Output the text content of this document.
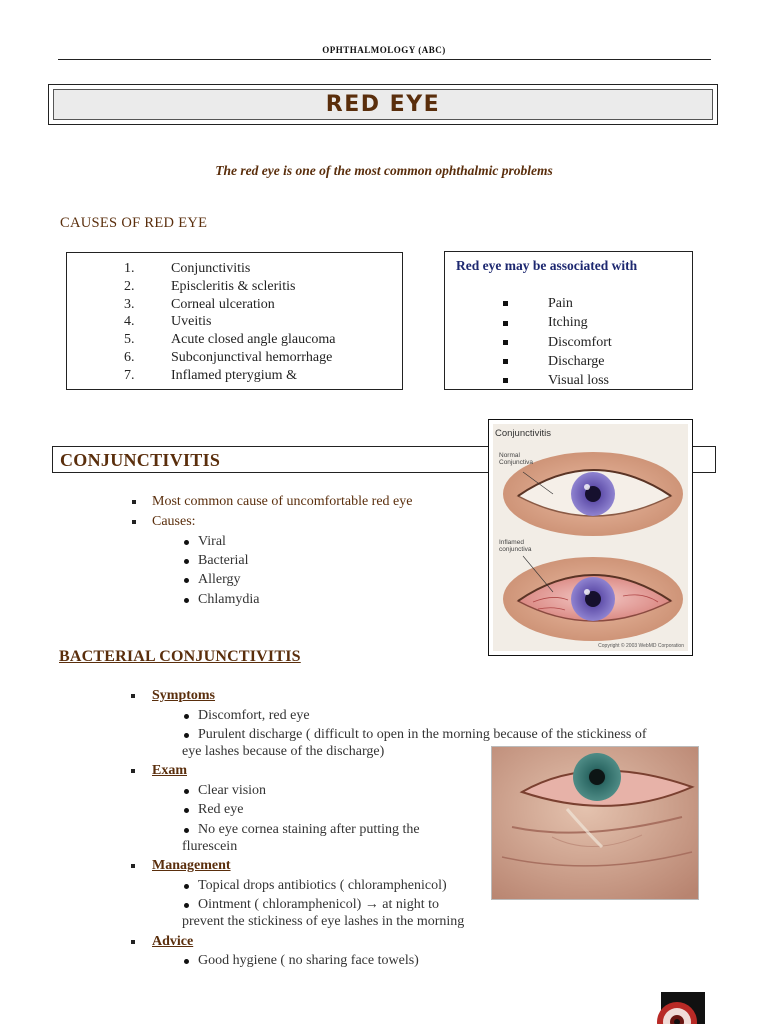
OPHTHALMOLOGY (ABC)
RED EYE
The red eye is one of the most common ophthalmic problems
CAUSES OF RED EYE
1.	Conjunctivitis
2.	Episcleritis & scleritis
3.	Corneal ulceration
4.	Uveitis
5.	Acute closed angle glaucoma
6.	Subconjunctival hemorrhage
7.	Inflamed pterygium &
Red eye may be associated with
Pain
Itching
Discomfort
Discharge
Visual loss
CONJUNCTIVITIS
Conjunctivitis
Normal
Conjunctiva
Inflamed
conjunctiva
Copyright © 2003 WebMD Corporation
Most common cause of uncomfortable red eye
Causes:
Viral
Bacterial
Allergy
Chlamydia
BACTERIAL CONJUNCTIVITIS
Symptoms
Discomfort, red eye
Purulent discharge ( difficult to open in the morning because of the stickiness of
eye lashes because of the discharge)
Exam
Clear vision
Red eye
No eye cornea staining after putting the
flurescein
Management
Topical drops antibiotics ( chloramphenicol)
Ointment ( chloramphenicol) → at night to
prevent the stickiness of eye lashes in the morning
Advice
Good hygiene ( no sharing face towels)
